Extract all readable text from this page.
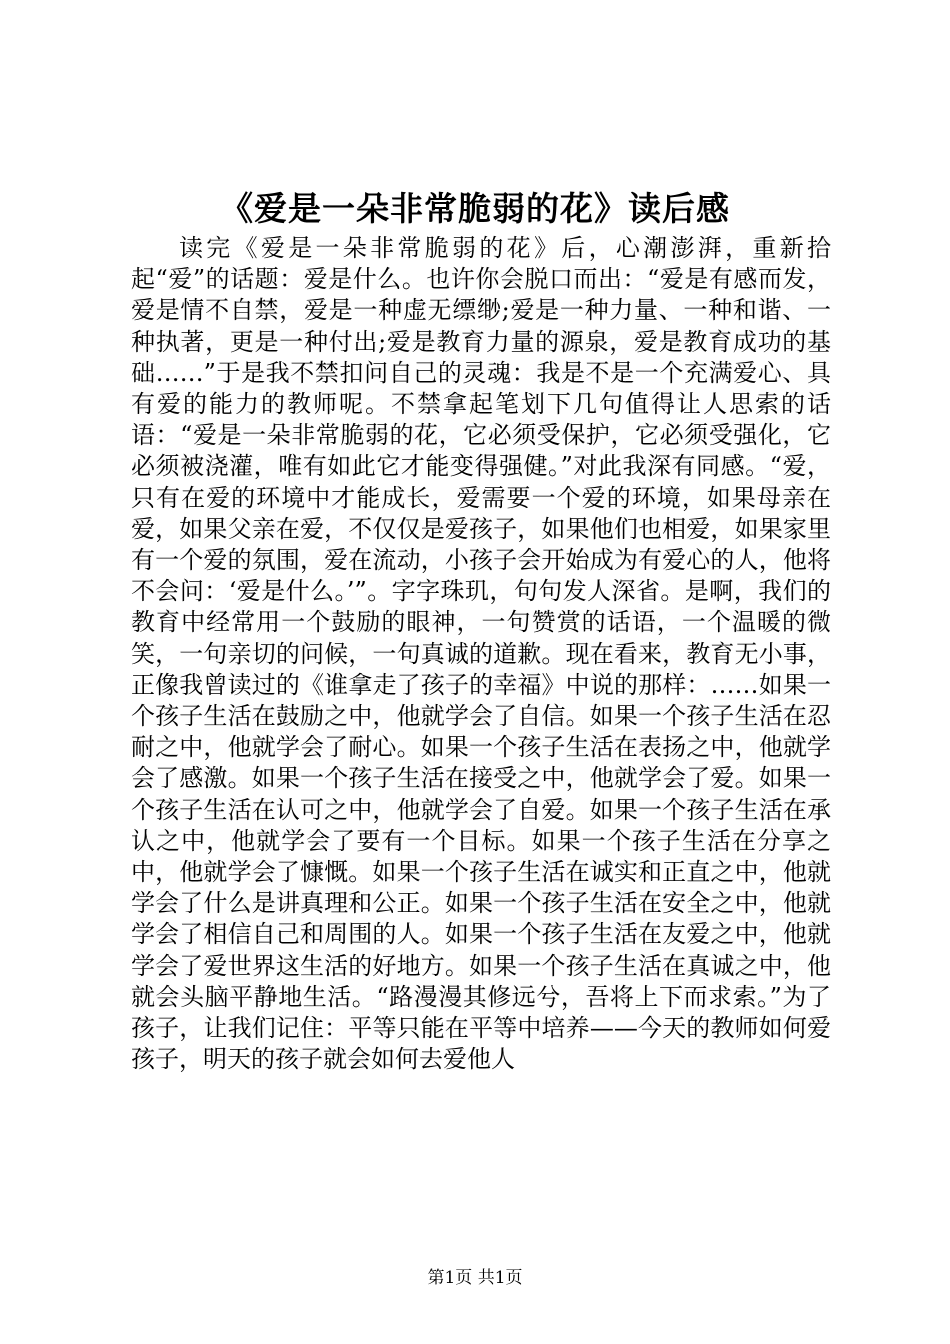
《爱是一朵非常脆弱的花》读后感

读完《爱是一朵非常脆弱的花》后，心潮澎湃，重新拾起“爱”的话题：爱是什么。也许你会脱口而出：“爱是有感而发，爱是情不自禁，爱是一种虚无缥缈;爱是一种力量、一种和谐、一种执著，更是一种付出;爱是教育力量的源泉，爱是教育成功的基础……”于是我不禁扣问自己的灵魂：我是不是一个充满爱心、具有爱的能力的教师呢。不禁拿起笔划下几句值得让人思索的话语：“爱是一朵非常脆弱的花，它必须受保护，它必须受强化，它必须被浇灌，唯有如此它才能变得强健。”对此我深有同感。“爱，只有在爱的环境中才能成长，爱需要一个爱的环境，如果母亲在爱，如果父亲在爱，不仅仅是爱孩子，如果他们也相爱，如果家里有一个爱的氛围，爱在流动，小孩子会开始成为有爱心的人，他将不会问：‘爱是什么。’”。字字珠玑，句句发人深省。是啊，我们的教育中经常用一个鼓励的眼神，一句赞赏的话语，一个温暖的微笑，一句亲切的问候，一句真诚的道歉。现在看来，教育无小事，正像我曾读过的《谁拿走了孩子的幸福》中说的那样：……如果一个孩子生活在鼓励之中，他就学会了自信。如果一个孩子生活在忍耐之中，他就学会了耐心。如果一个孩子生活在表扬之中，他就学会了感激。如果一个孩子生活在接受之中，他就学会了爱。如果一个孩子生活在认可之中，他就学会了自爱。如果一个孩子生活在承认之中，他就学会了要有一个目标。如果一个孩子生活在分享之中，他就学会了慷慨。如果一个孩子生活在诚实和正直之中，他就学会了什么是讲真理和公正。如果一个孩子生活在安全之中，他就学会了相信自己和周围的人。如果一个孩子生活在友爱之中，他就学会了爱世界这生活的好地方。如果一个孩子生活在真诚之中，他就会头脑平静地生活。“路漫漫其修远兮，吾将上下而求索。”为了孩子，让我们记住：平等只能在平等中培养——今天的教师如何爱孩子，明天的孩子就会如何去爱他人

第1页 共1页
